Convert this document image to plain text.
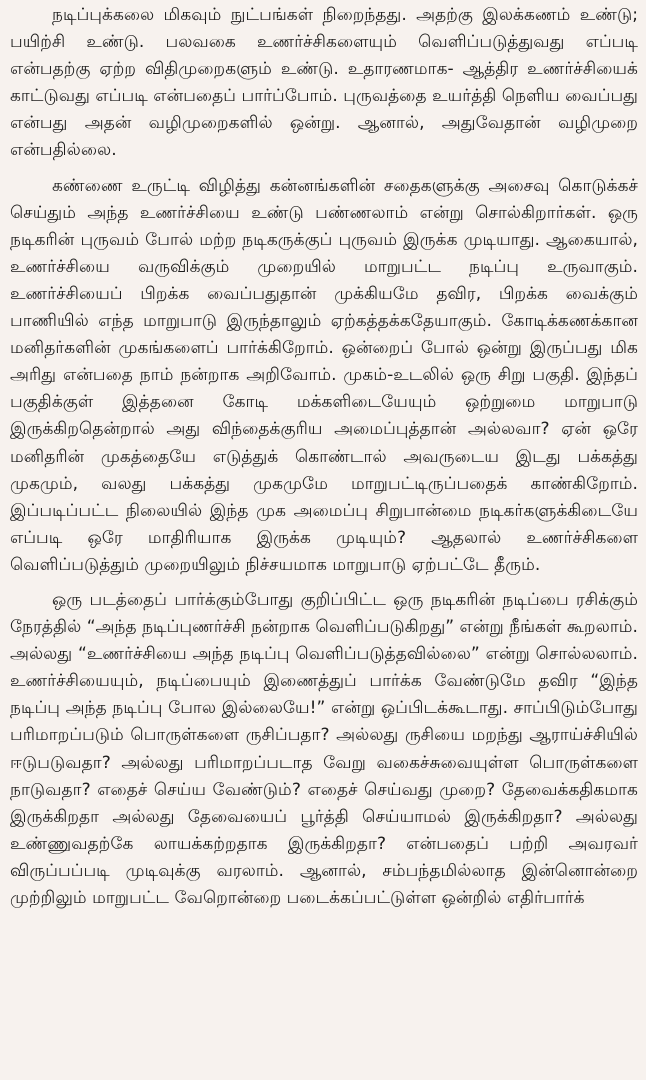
நடிப்புக்கலை மிகவும் நுட்பங்கள் நிறைந்தது. அதற்கு இலக்கணம் உண்டு; பயிற்சி உண்டு. பலவகை உணர்ச்சிகளையும் வெளிப்படுத்துவது எப்படி என்பதற்கு ஏற்ற விதிமுறைகளும் உண்டு. உதாரணமாக- ஆத்திர உணர்ச்சியைக் காட்டுவது எப்படி என்பதைப் பார்ப்போம். புருவத்தை உயர்த்தி நெளிய வைப்பது என்பது அதன் வழிமுறைகளில் ஒன்று. ஆனால், அதுவேதான் வழிமுறை என்பதில்லை.

கண்ணை உருட்டி விழித்து கன்னங்களின் சதைகளுக்கு அசைவு கொடுக்கச் செய்தும் அந்த உணர்ச்சியை உண்டு பண்ணலாம் என்று சொல்கிறார்கள். ஒரு நடிகரின் புருவம் போல் மற்ற நடிகருக்குப் புருவம் இருக்க முடியாது. ஆகையால், உணர்ச்சியை வருவிக்கும் முறையில் மாறுபட்ட நடிப்பு உருவாகும். உணர்ச்சியைப் பிறக்க வைப்பதுதான் முக்கியமே தவிர, பிறக்க வைக்கும் பாணியில் எந்த மாறுபாடு இருந்தாலும் ஏற்கத்தக்கதேயாகும். கோடிக்கணக்கான மனிதர்களின் முகங்களைப் பார்க்கிறோம். ஒன்றைப் போல் ஒன்று இருப்பது மிக அரிது என்பதை நாம் நன்றாக அறிவோம். முகம்-உடலில் ஒரு சிறு பகுதி. இந்தப் பகுதிக்குள் இத்தனை கோடி மக்களிடையேயும் ஒற்றுமை மாறுபாடு இருக்கிறதென்றால் அது விந்தைக்குரிய அமைப்புத்தான் அல்லவா? ஏன் ஒரே மனிதரின் முகத்தையே எடுத்துக் கொண்டால் அவருடைய இடது பக்கத்து முகமும், வலது பக்கத்து முகமுமே மாறுபட்டிருப்பதைக் காண்கிறோம். இப்படிப்பட்ட நிலையில் இந்த முக அமைப்பு சிறுபான்மை நடிகர்களுக்கிடையே எப்படி ஒரே மாதிரியாக இருக்க முடியும்? ஆதலால் உணர்ச்சிகளை வெளிப்படுத்தும் முறையிலும் நிச்சயமாக மாறுபாடு ஏற்பட்டே தீரும்.

ஒரு படத்தைப் பார்க்கும்போது குறிப்பிட்ட ஒரு நடிகரின் நடிப்பை ரசிக்கும் நேரத்தில் “அந்த நடிப்புணர்ச்சி நன்றாக வெளிப்படுகிறது” என்று நீங்கள் கூறலாம். அல்லது “உணர்ச்சியை அந்த நடிப்பு வெளிப்படுத்தவில்லை” என்று சொல்லலாம். உணர்ச்சியையும், நடிப்பையும் இணைத்துப் பார்க்க வேண்டுமே தவிர “இந்த நடிப்பு அந்த நடிப்பு போல இல்லையே!” என்று ஒப்பிடக்கூடாது. சாப்பிடும்போது பரிமாறப்படும் பொருள்களை ருசிப்பதா? அல்லது ருசியை மறந்து ஆராய்ச்சியில் ஈடுபடுவதா? அல்லது பரிமாறப்படாத வேறு வகைச்சுவையுள்ள பொருள்களை நாடுவதா? எதைச் செய்ய வேண்டும்? எதைச் செய்வது முறை? தேவைக்கதிகமாக இருக்கிறதா அல்லது தேவையைப் பூர்த்தி செய்யாமல் இருக்கிறதா? அல்லது உண்ணுவதற்கே லாயக்கற்றதாக இருக்கிறதா? என்பதைப் பற்றி அவரவர் விருப்பப்படி முடிவுக்கு வரலாம். ஆனால், சம்பந்தமில்லாத இன்னொன்றை முற்றிலும் மாறுபட்ட வேறொன்றை படைக்கப்பட்டுள்ள ஒன்றில் எதிர்பார்க்
